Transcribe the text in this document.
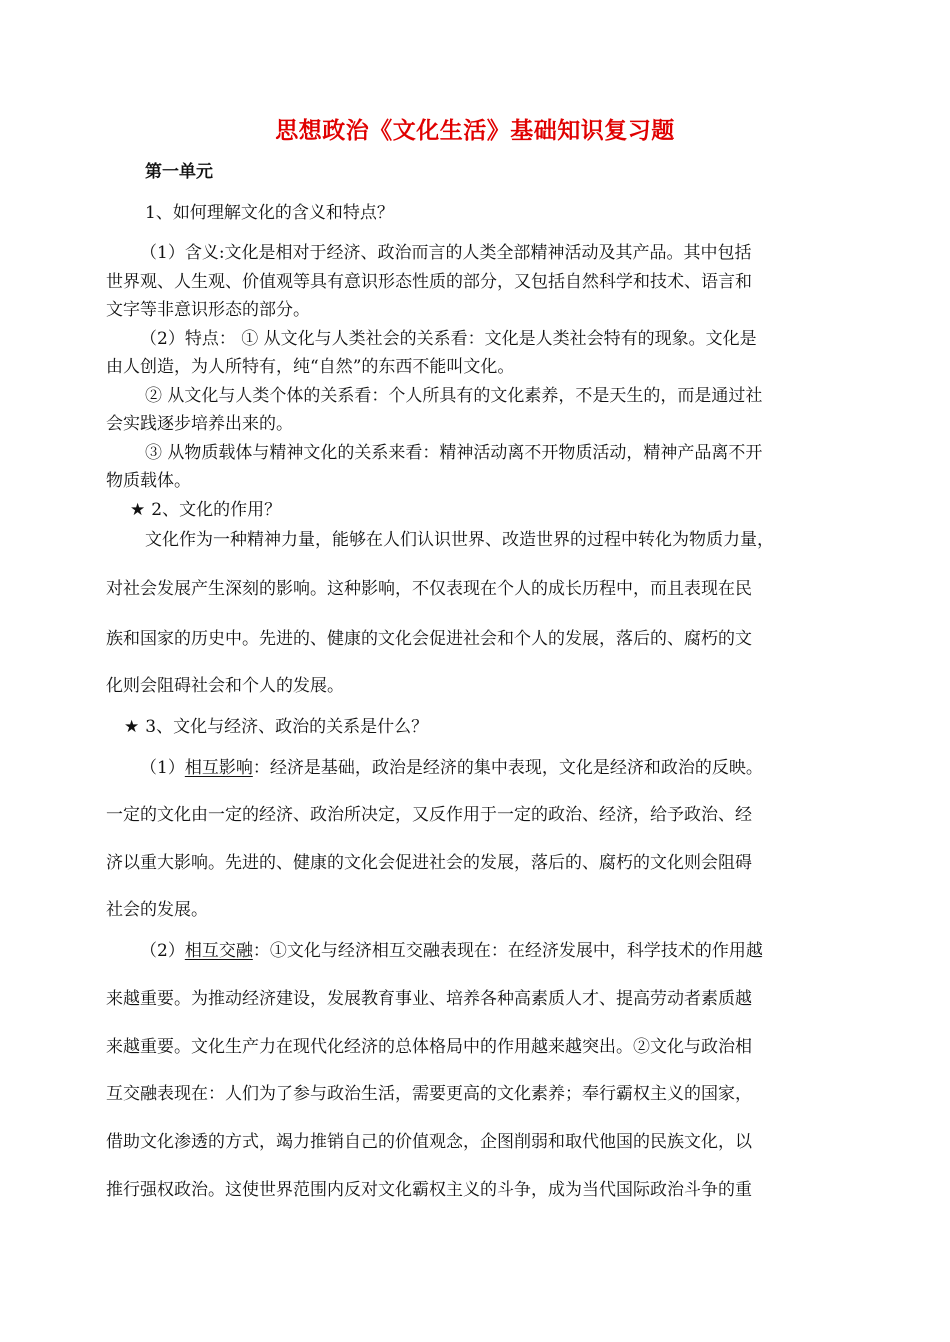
思想政治《文化生活》基础知识复习题
第一单元
1、如何理解文化的含义和特点？
（1）含义:文化是相对于经济、政治而言的人类全部精神活动及其产品。其中包括
世界观、人生观、价值观等具有意识形态性质的部分，又包括自然科学和技术、语言和
文字等非意识形态的部分。
（2）特点： ① 从文化与人类社会的关系看：文化是人类社会特有的现象。文化是
由人创造，为人所特有，纯“自然”的东西不能叫文化。
② 从文化与人类个体的关系看：个人所具有的文化素养，不是天生的，而是通过社
会实践逐步培养出来的。
③ 从物质载体与精神文化的关系来看：精神活动离不开物质活动，精神产品离不开
物质载体。
★ 2、文化的作用？
文化作为一种精神力量，能够在人们认识世界、改造世界的过程中转化为物质力量，
对社会发展产生深刻的影响。这种影响，不仅表现在个人的成长历程中，而且表现在民
族和国家的历史中。先进的、健康的文化会促进社会和个人的发展，落后的、腐朽的文
化则会阻碍社会和个人的发展。
★ 3、文化与经济、政治的关系是什么？
（1）相互影响：经济是基础，政治是经济的集中表现，文化是经济和政治的反映。
一定的文化由一定的经济、政治所决定，又反作用于一定的政治、经济，给予政治、经
济以重大影响。先进的、健康的文化会促进社会的发展，落后的、腐朽的文化则会阻碍
社会的发展。
（2）相互交融：①文化与经济相互交融表现在：在经济发展中，科学技术的作用越
来越重要。为推动经济建设，发展教育事业、培养各种高素质人才、提高劳动者素质越
来越重要。文化生产力在现代化经济的总体格局中的作用越来越突出。②文化与政治相
互交融表现在：人们为了参与政治生活，需要更高的文化素养；奉行霸权主义的国家，
借助文化渗透的方式，竭力推销自己的价值观念，企图削弱和取代他国的民族文化，以
推行强权政治。这使世界范围内反对文化霸权主义的斗争，成为当代国际政治斗争的重
